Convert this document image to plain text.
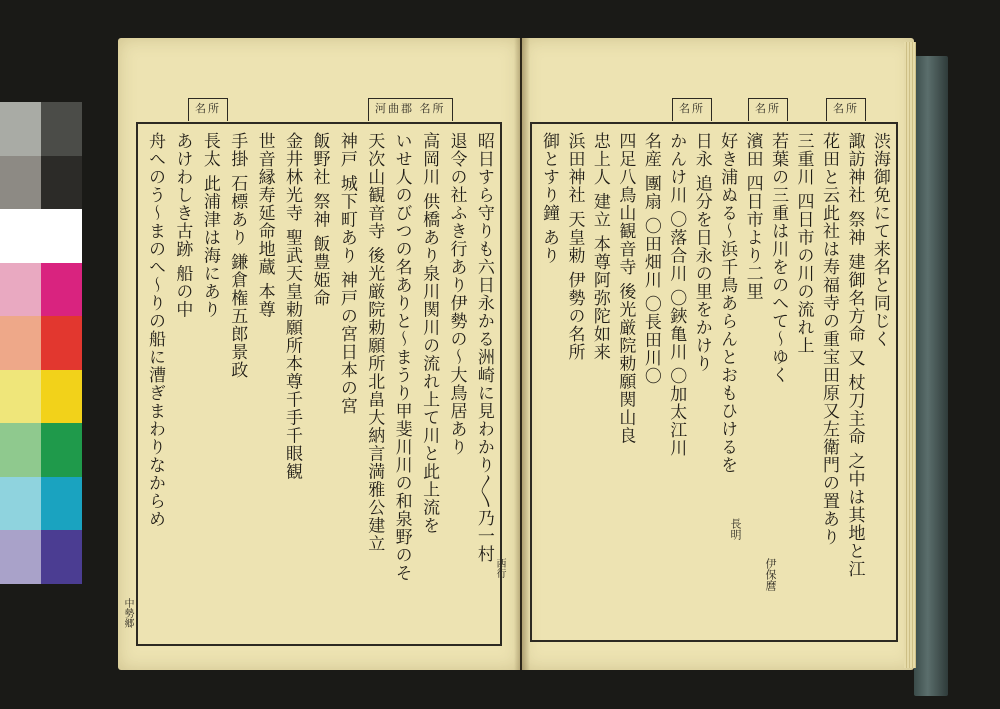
河曲郡 名所
名所
昭日すら守りも六日永かる洲崎に見わかり〱乃一村
退令の社ふき行あり伊勢の〜大鳥居あり
高岡川 供橋あり泉川関川の流れ上て川と此上流を
いせ人のびつの名ありと〜まうり甲斐川川の和泉野のそ
天次山観音寺 後光厳院勅願所北畠大納言満雅公建立
神戸 城下町あり 神戸の宮日本の宮
飯野社 祭神 飯豊姫命
金井林光寺 聖武天皇勅願所本尊千手千眼観
世音縁寿延命地蔵 本尊
手掛 石標あり 鎌倉権五郎景政
長太 此浦津は海にあり
あけわしき古跡 船の中
舟へのう〜まのへ〜りの船に漕ぎまわりなからめ
中勢郷
名所	名所	名所
渋海御免にて来名と同じく
諏訪神社 祭神 建御名方命 又 杖刀主命 之中は其地と江
花田と云此社は寿福寺の重宝田原又左衛門の置あり
三重川 四日市の川の流れ上
若葉の三重は川をのへて〜ゆく
濱田 四日市より二里
好き浦ぬる〜浜千鳥あらんとおもひけるを
日永 追分を日永の里をかけり
かんけ川 〇落合川 〇鋏亀川 〇加太江川
名産 團扇 〇田畑川 〇長田川〇
四足八鳥山観音寺 後光厳院勅願関山良
忠上人 建立 本尊阿弥陀如来
浜田神社 天皇勅 伊勢の名所
御とすり鐘 あり
長明
伊保麿
西行
